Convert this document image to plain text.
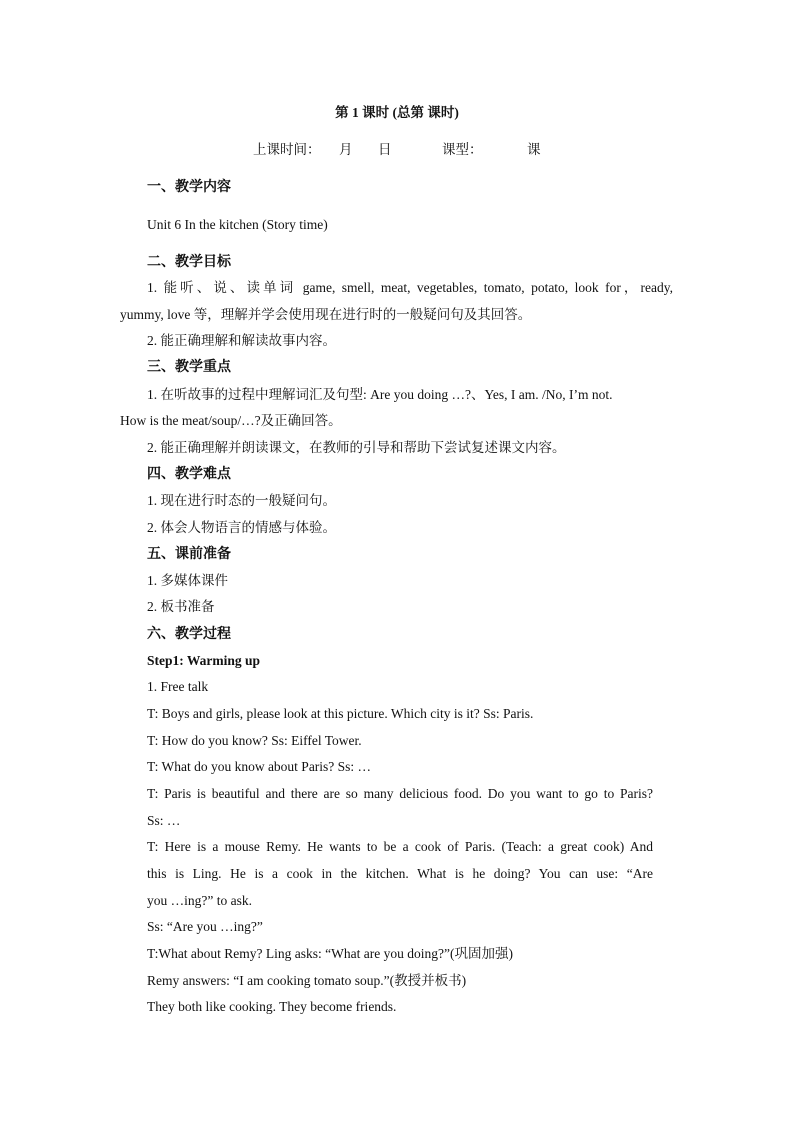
第 1 课时 (总第 课时)
上课时间： 月 日	课型：	课
一、教学内容
Unit 6 In the kitchen (Story time)
二、教学目标
1. 能听、说、读单词 game, smell, meat, vegetables, tomato, potato, look for，ready,
yummy, love 等，理解并学会使用现在进行时的一般疑问句及其回答。
2. 能正确理解和解读故事内容。
三、教学重点
1. 在听故事的过程中理解词汇及句型: Are you doing …?、Yes, I am. /No, I’m not.
How is the meat/soup/…?及正确回答。
2. 能正确理解并朗读课文，在教师的引导和帮助下尝试复述课文内容。
四、教学难点
1. 现在进行时态的一般疑问句。
2. 体会人物语言的情感与体验。
五、课前准备
1. 多媒体课件
2. 板书准备
六、教学过程
Step1: Warming up
1. Free talk
T: Boys and girls, please look at this picture. Which city is it? Ss: Paris.
T: How do you know? Ss: Eiffel Tower.
T: What do you know about Paris? Ss: …
T: Paris is beautiful and there are so many delicious food. Do you want to go to Paris?
Ss: …
T: Here is a mouse Remy. He wants to be a cook of Paris. (Teach: a great cook) And
this is Ling. He is a cook in the kitchen. What is he doing? You can use: “Are
you …ing?” to ask.
Ss: “Are you …ing?”
T:What about Remy? Ling asks: “What are you doing?”(巩固加强)
Remy answers: “I am cooking tomato soup.”(教授并板书)
They both like cooking. They become friends.
